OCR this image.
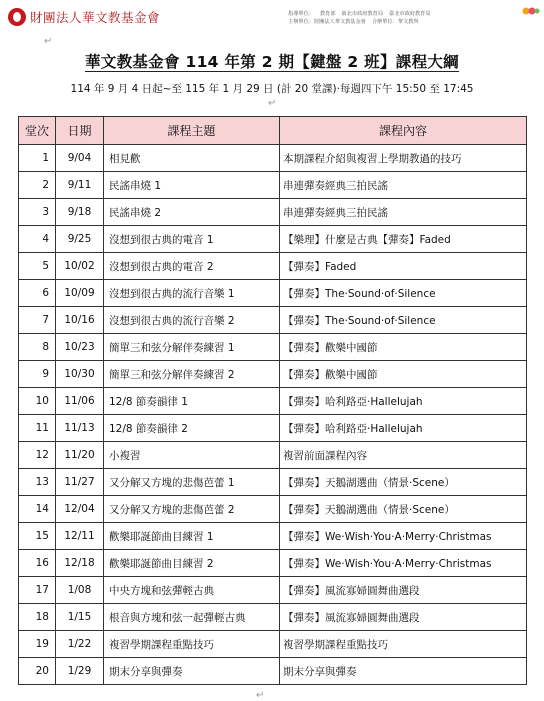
財團法人華文教基金會	指導單位： 教育部 新北市政府教育局 臺北市政府教育局
主辦單位：財團法人華文教基金會 合辦單位：華文教所
↵
華文教基金會 114 年第 2 期【鍵盤 2 班】課程大綱
114 年 9 月 4 日起~至 115 年 1 月 29 日 (計 20 堂課)·每週四下午 15:50 至 17:45
↵
堂次	日期	課程主題	課程內容
1	9/04	相見歡	本期課程介紹與複習上學期教過的技巧
2	9/11	民謠串燒 1	串連彈奏經典三拍民謠
3	9/18	民謠串燒 2	串連彈奏經典三拍民謠
4	9/25	沒想到很古典的電音 1	【樂理】什麼是古典【彈奏】Faded
5	10/02	沒想到很古典的電音 2	【彈奏】Faded
6	10/09	沒想到很古典的流行音樂 1	【彈奏】The·Sound·of·Silence
7	10/16	沒想到很古典的流行音樂 2	【彈奏】The·Sound·of·Silence
8	10/23	簡單三和弦分解伴奏練習 1	【彈奏】歡樂中國節
9	10/30	簡單三和弦分解伴奏練習 2	【彈奏】歡樂中國節
10	11/06	12/8 節奏韻律 1	【彈奏】哈利路亞·Hallelujah
11	11/13	12/8 節奏韻律 2	【彈奏】哈利路亞·Hallelujah
12	11/20	小複習	複習前面課程內容
13	11/27	又分解又方塊的悲傷芭蕾 1	【彈奏】天鵝湖選曲（情景·Scene）
14	12/04	又分解又方塊的悲傷芭蕾 2	【彈奏】天鵝湖選曲（情景·Scene）
15	12/11	歡樂耶誕節曲目練習 1	【彈奏】We·Wish·You·A·Merry·Christmas
16	12/18	歡樂耶誕節曲目練習 2	【彈奏】We·Wish·You·A·Merry·Christmas
17	1/08	中央方塊和弦彈輕古典	【彈奏】風流寡婦圓舞曲選段
18	1/15	根音與方塊和弦一起彈輕古典	【彈奏】風流寡婦圓舞曲選段
19	1/22	複習學期課程重點技巧	複習學期課程重點技巧
20	1/29	期末分享與彈奏	期末分享與彈奏
↵
